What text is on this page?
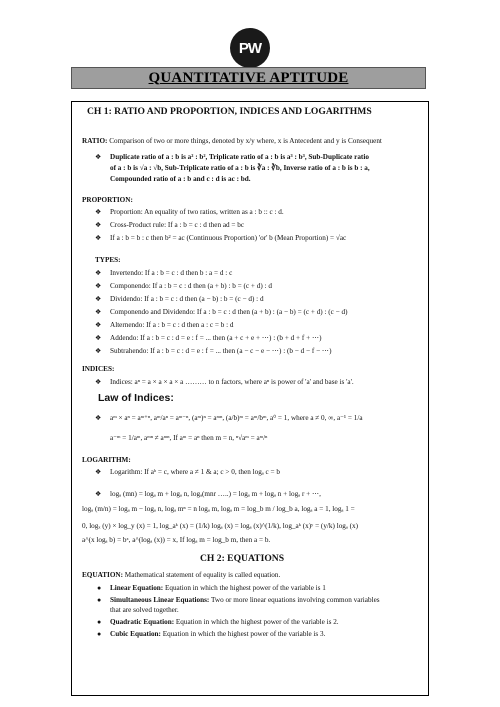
PW
QUANTITATIVE APTITUDE
CH 1: RATIO AND PROPORTION, INDICES AND LOGARITHMS
RATIO: Comparison of two or more things, denoted by x/y where, x is Antecedent and y is Consequent
❖ Duplicate ratio of a : b is a² : b², Triplicate ratio of a : b is a³ : b³, Sub-Duplicate ratio
of a : b is √a : √b, Sub-Triplicate ratio of a : b is ∛a : ∛b, Inverse ratio of a : b is b : a,
Compounded ratio of a : b and c : d is ac : bd.
PROPORTION:
❖ Proportion: An equality of two ratios, written as a : b :: c : d.
❖ Cross-Product rule: If a : b = c : d then ad = bc
❖ If a : b = b : c then b² = ac (Continuous Proportion) 'or' b (Mean Proportion) = √ac
TYPES:
❖ Invertendo: If a : b = c : d then b : a = d : c
❖ Componendo: If a : b = c : d then (a + b) : b = (c + d) : d
❖ Dividendo: If a : b = c : d then (a − b) : b = (c − d) : d
❖ Componendo and Dividendo: If a : b = c : d then (a + b) : (a − b) = (c + d) : (c − d)
❖ Alternendo: If a : b = c : d then a : c = b : d
❖ Addendo: If a : b = c : d = e : f = ... then (a + c + e + ⋯) : (b + d + f + ⋯)
❖ Subtrahendo: If a : b = c : d = e : f = ... then (a − c − e − ⋯) : (b − d − f − ⋯)
INDICES:
❖ Indices: aⁿ = a × a × a × a ……… to n factors, where aⁿ is power of 'a' and base is 'a'.
Law of Indices:
❖ aᵐ × aⁿ = aᵐ⁺ⁿ, aᵐ/aⁿ = aᵐ⁻ⁿ, (aᵐ)ⁿ = aᵐⁿ, (a/b)ᵐ = aᵐ/bᵐ, a⁰ = 1, where a ≠ 0, ∞, a⁻¹ = 1/a
a⁻ᵐ = 1/aᵐ, aᵐⁿ ≠ aᵐⁿ, If aᵐ = aⁿ then m = n, ⁿ√aᵐ = aᵐ/ⁿ
LOGARITHM:
❖ Logarithm: If aᵇ = c, where a ≠ 1 & a; c > 0, then logₐ c = b
❖ logₐ (mn) = logₐ m + logₐ n, logₐ(mnr …..) = logₐ m + logₐ n + logₐ r + ⋯,
logₐ (m/n) = logₐ m − logₐ n, logₐ mⁿ = n logₐ m, logₐ m = log_b m / log_b a, logₐ a = 1, logₐ 1 =
0, logₓ (y) × log_y (x) = 1, log_aᵏ (x) = (1/k) logₐ (x) = logₐ (x)^(1/k), log_aᵏ (x)ʸ = (y/k) logₐ (x)
a^(x logₐ b) = bˣ, a^(logₐ (x)) = x, If logₐ m = log_b m, then a = b.
CH 2: EQUATIONS
EQUATION: Mathematical statement of equality is called equation.
● Linear Equation: Equation in which the highest power of the variable is 1
● Simultaneous Linear Equations: Two or more linear equations involving common variables
that are solved together.
● Quadratic Equation: Equation in which the highest power of the variable is 2.
● Cubic Equation: Equation in which the highest power of the variable is 3.
